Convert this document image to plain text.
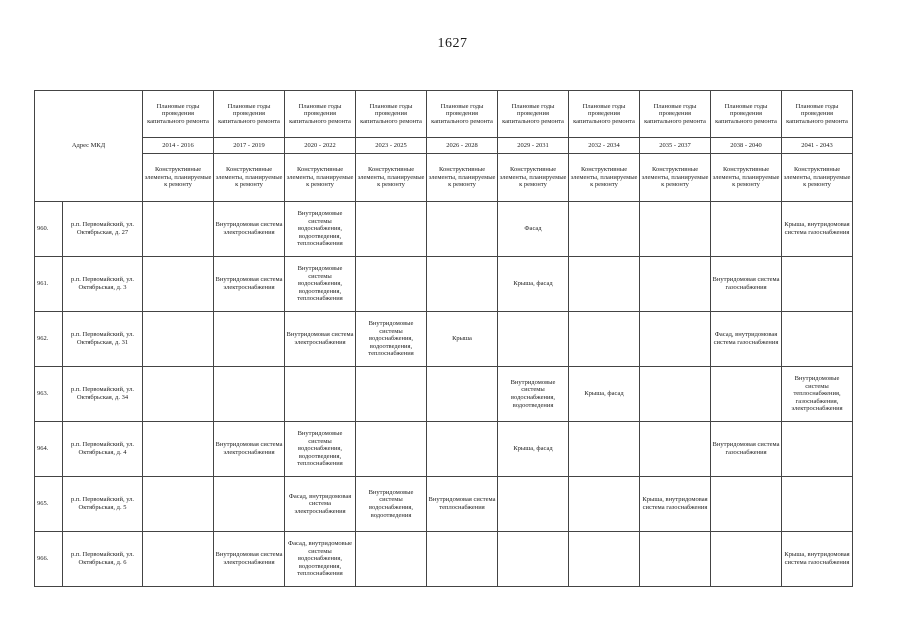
1627
Адрес МКД		Плановые годы проведения капитального ремонта	Плановые годы проведения капитального ремонта	Плановые годы проведения капитального ремонта	Плановые годы проведения капитального ремонта	Плановые годы проведения капитального ремонта	Плановые годы проведения капитального ремонта	Плановые годы проведения капитального ремонта	Плановые годы проведения капитального ремонта	Плановые годы проведения капитального ремонта	Плановые годы проведения капитального ремонта
		2014 - 2016	2017 - 2019	2020 - 2022	2023 - 2025	2026 - 2028	2029 - 2031	2032 - 2034	2035 - 2037	2038 - 2040	2041 - 2043
		Конструктивные элементы, планируемые к ремонту	Конструктивные элементы, планируемые к ремонту	Конструктивные элементы, планируемые к ремонту	Конструктивные элементы, планируемые к ремонту	Конструктивные элементы, планируемые к ремонту	Конструктивные элементы, планируемые к ремонту	Конструктивные элементы, планируемые к ремонту	Конструктивные элементы, планируемые к ремонту	Конструктивные элементы, планируемые к ремонту	Конструктивные элементы, планируемые к ремонту
960.	р.п. Первомайский, ул. Октябрьская, д. 27		Внутридомовая система электроснабжения	Внутридомовые системы водоснабжения, водоотведения, теплоснабжения			Фасад				Крыша, внутридомовая система газоснабжения
961.	р.п. Первомайский, ул. Октябрьская, д. 3		Внутридомовая система электроснабжения	Внутридомовые системы водоснабжения, водоотведения, теплоснабжения			Крыша, фасад			Внутридомовая система газоснабжения	
962.	р.п. Первомайский, ул. Октябрьская, д. 31			Внутридомовая система электроснабжения	Внутридомовые системы водоснабжения, водоотведения, теплоснабжения	Крыша				Фасад, внутридомовая система газоснабжения	
963.	р.п. Первомайский, ул. Октябрьская, д. 34						Внутридомовые системы водоснабжения, водоотведения	Крыша, фасад			Внутридомовые системы теплоснабжения, газоснабжения, электроснабжения
964.	р.п. Первомайский, ул. Октябрьская, д. 4		Внутридомовая система электроснабжения	Внутридомовые системы водоснабжения, водоотведения, теплоснабжения			Крыша, фасад			Внутридомовая система газоснабжения	
965.	р.п. Первомайский, ул. Октябрьская, д. 5			Фасад, внутридомовая система электроснабжения	Внутридомовые системы водоснабжения, водоотведения	Внутридомовая система теплоснабжения			Крыша, внутридомовая система газоснабжения		
966.	р.п. Первомайский, ул. Октябрьская, д. 6		Внутридомовая система электроснабжения	Фасад, внутридомовые системы водоснабжения, водоотведения, теплоснабжения							Крыша, внутридомовая система газоснабжения
